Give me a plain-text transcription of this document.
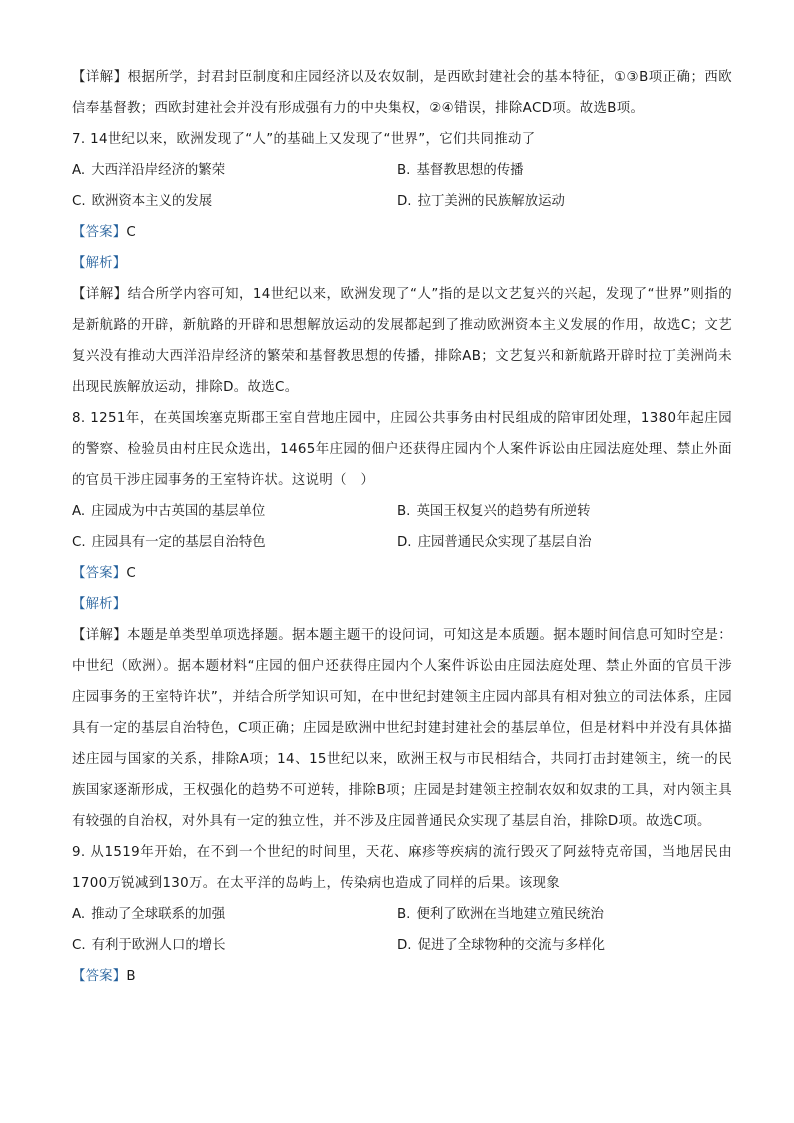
【详解】根据所学，封君封臣制度和庄园经济以及农奴制，是西欧封建社会的基本特征，①③B项正确；西欧信奉基督教；西欧封建社会并没有形成强有力的中央集权，②④错误，排除ACD项。故选B项。
7. 14世纪以来，欧洲发现了“人”的基础上又发现了“世界”，它们共同推动了
A. 大西洋沿岸经济的繁荣	B. 基督教思想的传播
C. 欧洲资本主义的发展	D. 拉丁美洲的民族解放运动
【答案】C
【解析】
【详解】结合所学内容可知，14世纪以来，欧洲发现了“人”指的是以文艺复兴的兴起，发现了“世界”则指的是新航路的开辟，新航路的开辟和思想解放运动的发展都起到了推动欧洲资本主义发展的作用，故选C；文艺复兴没有推动大西洋沿岸经济的繁荣和基督教思想的传播，排除AB；文艺复兴和新航路开辟时拉丁美洲尚未出现民族解放运动，排除D。故选C。
8. 1251年，在英国埃塞克斯郡王室自营地庄园中，庄园公共事务由村民组成的陪审团处理，1380年起庄园的警察、检验员由村庄民众选出，1465年庄园的佃户还获得庄园内个人案件诉讼由庄园法庭处理、禁止外面的官员干涉庄园事务的王室特许状。这说明（　）
A. 庄园成为中古英国的基层单位	B. 英国王权复兴的趋势有所逆转
C. 庄园具有一定的基层自治特色	D. 庄园普通民众实现了基层自治
【答案】C
【解析】
【详解】本题是单类型单项选择题。据本题主题干的设问词，可知这是本质题。据本题时间信息可知时空是：中世纪（欧洲）。据本题材料“庄园的佃户还获得庄园内个人案件诉讼由庄园法庭处理、禁止外面的官员干涉庄园事务的王室特许状”，并结合所学知识可知，在中世纪封建领主庄园内部具有相对独立的司法体系，庄园具有一定的基层自治特色，C项正确；庄园是欧洲中世纪封建封建社会的基层单位，但是材料中并没有具体描述庄园与国家的关系，排除A项；14、15世纪以来，欧洲王权与市民相结合，共同打击封建领主，统一的民族国家逐渐形成，王权强化的趋势不可逆转，排除B项；庄园是封建领主控制农奴和奴隶的工具，对内领主具有较强的自治权，对外具有一定的独立性，并不涉及庄园普通民众实现了基层自治，排除D项。故选C项。
9. 从1519年开始，在不到一个世纪的时间里，天花、麻疹等疾病的流行毁灭了阿兹特克帝国，当地居民由1700万锐减到130万。在太平洋的岛屿上，传染病也造成了同样的后果。该现象
A. 推动了全球联系的加强	B. 便利了欧洲在当地建立殖民统治
C. 有利于欧洲人口的增长	D. 促进了全球物种的交流与多样化
【答案】B
